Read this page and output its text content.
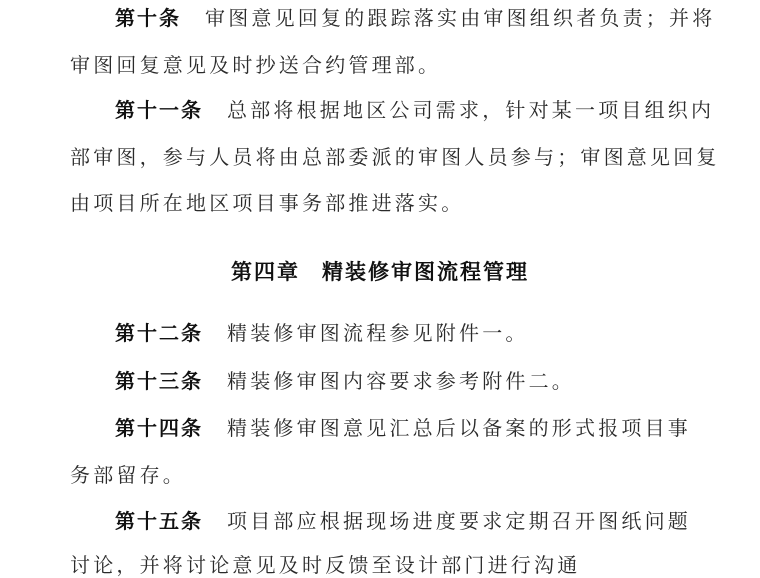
第十条 审图意见回复的跟踪落实由审图组织者负责；并将
审图回复意见及时抄送合约管理部。
第十一条 总部将根据地区公司需求，针对某一项目组织内
部审图，参与人员将由总部委派的审图人员参与；审图意见回复
由项目所在地区项目事务部推进落实。
第四章 精装修审图流程管理
第十二条 精装修审图流程参见附件一。
第十三条 精装修审图内容要求参考附件二。
第十四条 精装修审图意见汇总后以备案的形式报项目事
务部留存。
第十五条 项目部应根据现场进度要求定期召开图纸问题
讨论，并将讨论意见及时反馈至设计部门进行沟通
